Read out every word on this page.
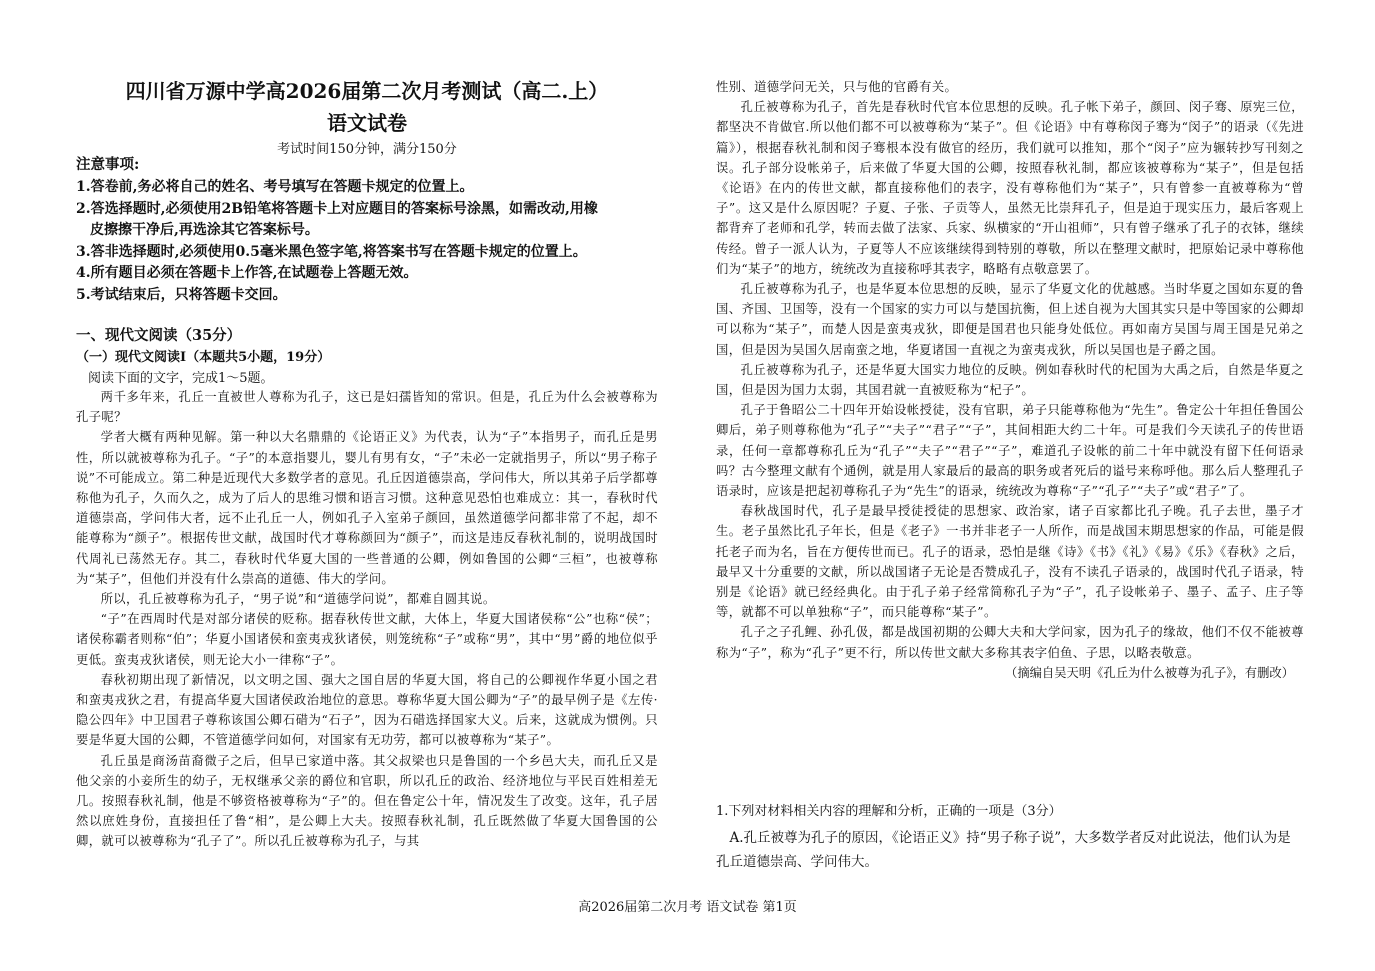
四川省万源中学高2026届第二次月考测试（高二.上）
语文试卷
考试时间150分钟，满分150分
注意事项:
1.答卷前,务必将自己的姓名、考号填写在答题卡规定的位置上。
2.答选择题时,必须使用2B铅笔将答题卡上对应题目的答案标号涂黑，如需改动,用橡
皮擦擦干净后,再选涂其它答案标号。
3.答非选择题时,必须使用0.5毫米黑色签字笔,将答案书写在答题卡规定的位置上。
4.所有题目必须在答题卡上作答,在试题卷上答题无效。
5.考试结束后，只将答题卡交回。
一、现代文阅读（35分）
（一）现代文阅读I（本题共5小题，19分）
阅读下面的文字，完成1～5题。

两千多年来，孔丘一直被世人尊称为孔子，这已是妇孺皆知的常识。但是，孔丘为什么会被尊称为孔子呢？

学者大概有两种见解。第一种以大名鼎鼎的《论语正义》为代表，认为“子”本指男子，而孔丘是男性，所以就被尊称为孔子。“子”的本意指婴儿，婴儿有男有女，“子”未必一定就指男子，所以“男子称子说”不可能成立。第二种是近现代大多数学者的意见。孔丘因道德崇高，学问伟大，所以其弟子后学都尊称他为孔子，久而久之，成为了后人的思维习惯和语言习惯。这种意见恐怕也难成立：其一，春秋时代道德崇高，学问伟大者，远不止孔丘一人，例如孔子入室弟子颜回，虽然道德学问都非常了不起，却不能尊称为“颜子”。根据传世文献，战国时代才尊称颜回为“颜子”，而这是违反春秋礼制的，说明战国时代周礼已荡然无存。其二，春秋时代华夏大国的一些普通的公卿，例如鲁国的公卿“三桓”，也被尊称为“某子”，但他们并没有什么崇高的道德、伟大的学问。

所以，孔丘被尊称为孔子，“男子说”和“道德学问说”，都难自圆其说。

“子”在西周时代是对部分诸侯的贬称。据春秋传世文献，大体上，华夏大国诸侯称“公”也称“侯”；诸侯称霸者则称“伯”；华夏小国诸侯和蛮夷戎狄诸侯，则笼统称“子”或称“男”，其中“男”爵的地位似乎更低。蛮夷戎狄诸侯，则无论大小一律称“子”。

春秋初期出现了新情况，以文明之国、强大之国自居的华夏大国，将自己的公卿视作华夏小国之君和蛮夷戎狄之君，有提高华夏大国诸侯政治地位的意思。尊称华夏大国公卿为“子”的最早例子是《左传·隐公四年》中卫国君子尊称该国公卿石碏为“石子”，因为石碏选择国家大义。后来，这就成为惯例。只要是华夏大国的公卿，不管道德学问如何，对国家有无功劳，都可以被尊称为“某子”。

孔丘虽是商汤苗裔微子之后，但早已家道中落。其父叔梁也只是鲁国的一个乡邑大夫，而孔丘又是他父亲的小妾所生的幼子，无权继承父亲的爵位和官职，所以孔丘的政治、经济地位与平民百姓相差无几。按照春秋礼制，他是不够资格被尊称为“子”的。但在鲁定公十年，情况发生了改变。这年，孔子居然以庶姓身份，直接担任了鲁“相”，是公卿上大夫。按照春秋礼制，孔丘既然做了华夏大国鲁国的公卿，就可以被尊称为“孔子了”。所以孔丘被尊称为孔子，与其

性别、道德学问无关，只与他的官爵有关。

孔丘被尊称为孔子，首先是春秋时代官本位思想的反映。孔子帐下弟子，颜回、闵子骞、原宪三位，都坚决不肯做官.所以他们都不可以被尊称为“某子”。但《论语》中有尊称闵子骞为“闵子”的语录（《先进篇》），根据春秋礼制和闵子骞根本没有做官的经历，我们就可以推知，那个“闵子”应为辗转抄写刊刻之误。孔子部分设帐弟子，后来做了华夏大国的公卿，按照春秋礼制，都应该被尊称为“某子”，但是包括《论语》在内的传世文献，都直接称他们的表字，没有尊称他们为“某子”，只有曾参一直被尊称为“曾子”。这又是什么原因呢？子夏、子张、子贡等人，虽然无比崇拜孔子，但是迫于现实压力，最后客观上都背弃了老师和孔学，转而去做了法家、兵家、纵横家的“开山祖师”，只有曾子继承了孔子的衣钵，继续传经。曾子一派人认为，子夏等人不应该继续得到特别的尊敬，所以在整理文献时，把原始记录中尊称他们为“某子”的地方，统统改为直接称呼其表字，略略有点敬意罢了。

孔丘被尊称为孔子，也是华夏本位思想的反映，显示了华夏文化的优越感。当时华夏之国如东夏的鲁国、齐国、卫国等，没有一个国家的实力可以与楚国抗衡，但上述自视为大国其实只是中等国家的公卿却可以称为“某子”，而楚人因是蛮夷戎狄，即便是国君也只能身处低位。再如南方吴国与周王国是兄弟之国，但是因为吴国久居南蛮之地，华夏诸国一直视之为蛮夷戎狄，所以吴国也是子爵之国。

孔丘被尊称为孔子，还是华夏大国实力地位的反映。例如春秋时代的杞国为大禹之后，自然是华夏之国，但是因为国力太弱，其国君就一直被贬称为“杞子”。

孔子于鲁昭公二十四年开始设帐授徒，没有官职，弟子只能尊称他为“先生”。鲁定公十年担任鲁国公卿后，弟子则尊称他为“孔子”“夫子”“君子”“子”，其间相距大约二十年。可是我们今天读孔子的传世语录，任何一章都尊称孔丘为“孔子”“夫子”“君子”“子”，难道孔子设帐的前二十年中就没有留下任何语录吗？古今整理文献有个通例，就是用人家最后的最高的职务或者死后的谥号来称呼他。那么后人整理孔子语录时，应该是把起初尊称孔子为“先生”的语录，统统改为尊称“子”“孔子”“夫子”或“君子”了。

春秋战国时代，孔子是最早授徒授徒的思想家、政治家，诸子百家都比孔子晚。孔子去世，墨子才生。老子虽然比孔子年长，但是《老子》一书并非老子一人所作，而是战国末期思想家的作品，可能是假托老子而为名，旨在方便传世而已。孔子的语录，恐怕是继《诗》《书》《礼》《易》《乐》《春秋》之后，最早又十分重要的文献，所以战国诸子无论是否赞成孔子，没有不读孔子语录的，战国时代孔子语录，特别是《论语》就已经经典化。由于孔子弟子经常简称孔子为“子”，孔子设帐弟子、墨子、孟子、庄子等等，就都不可以单独称“子”，而只能尊称“某子”。

孔子之子孔鲤、孙孔伋，都是战国初期的公卿大夫和大学问家，因为孔子的缘故，他们不仅不能被尊称为“子”，称为“孔子”更不行，所以传世文献大多称其表字伯鱼、子思，以略表敬意。

（摘编自吴天明《孔丘为什么被尊为孔子》，有删改）

1.下列对材料相关内容的理解和分析，正确的一项是（3分）
A.孔丘被尊为孔子的原因，《论语正义》持“男子称子说”，大多数学者反对此说法，他们认为是孔丘道德崇高、学问伟大。
高2026届第二次月考 语文试卷 第1页
